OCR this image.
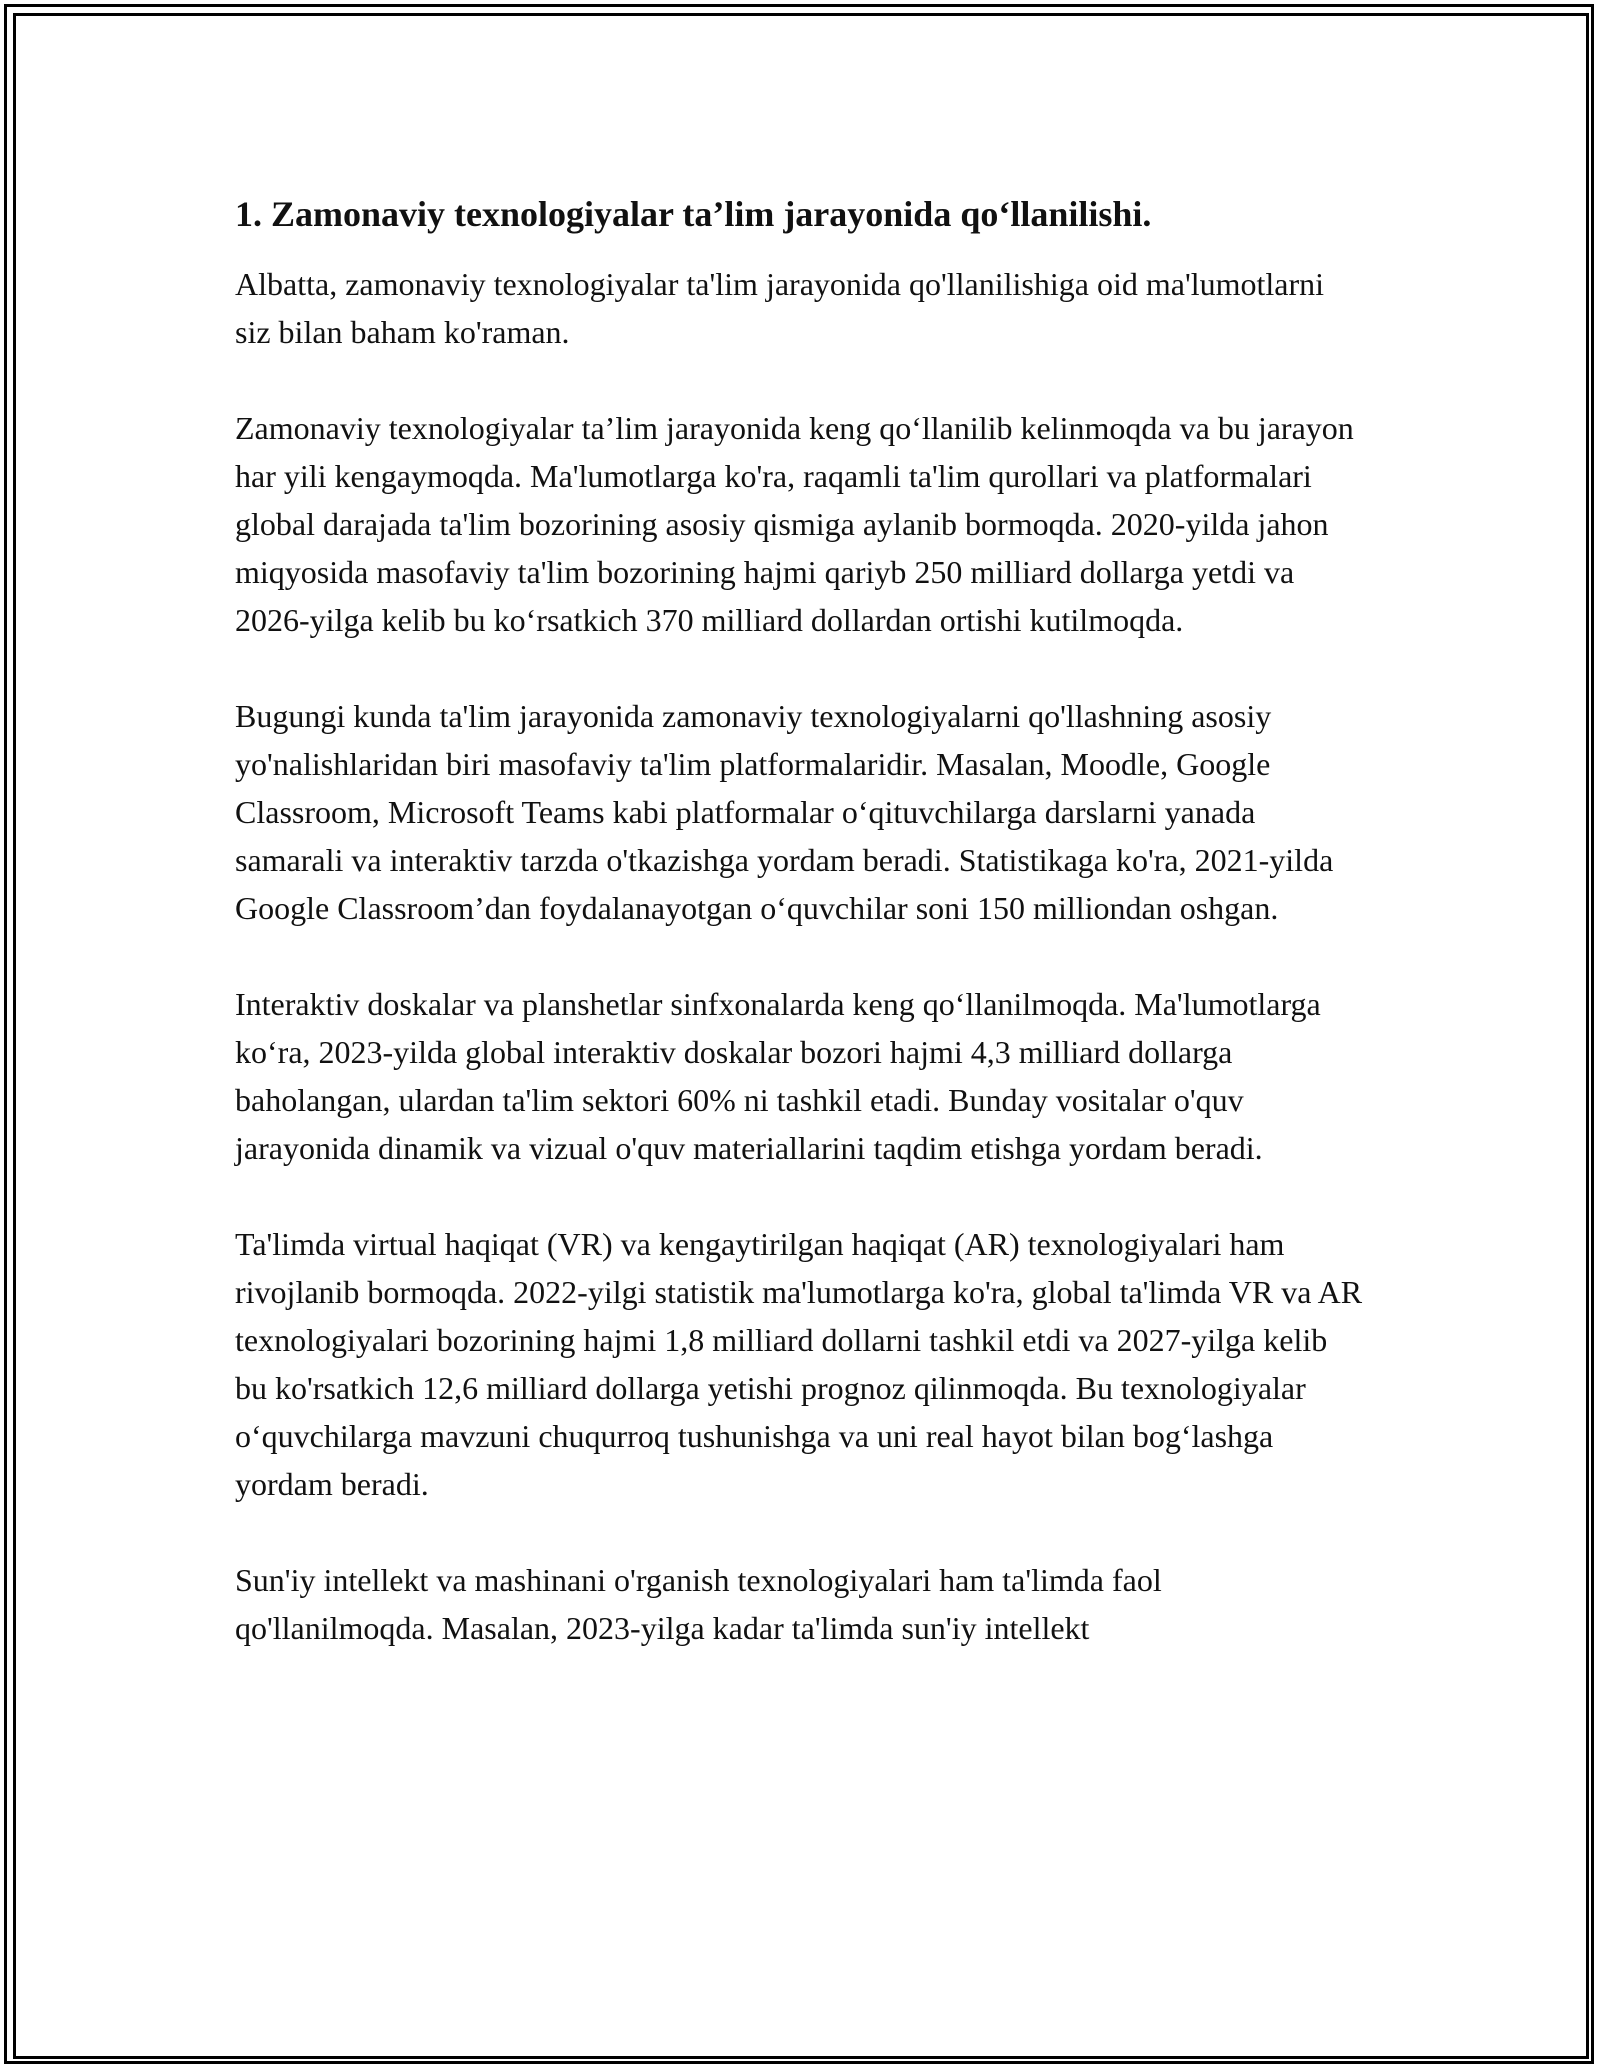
1. Zamonaviy texnologiyalar ta’lim jarayonida qo‘llanilishi.

Albatta, zamonaviy texnologiyalar ta'lim jarayonida qo'llanilishiga oid ma'lumotlarni siz bilan baham ko'raman.

Zamonaviy texnologiyalar ta’lim jarayonida keng qo‘llanilib kelinmoqda va bu jarayon har yili kengaymoqda. Ma'lumotlarga ko'ra, raqamli ta'lim qurollari va platformalari global darajada ta'lim bozorining asosiy qismiga aylanib bormoqda. 2020-yilda jahon miqyosida masofaviy ta'lim bozorining hajmi qariyb 250 milliard dollarga yetdi va 2026-yilga kelib bu ko‘rsatkich 370 milliard dollardan ortishi kutilmoqda.

Bugungi kunda ta'lim jarayonida zamonaviy texnologiyalarni qo'llashning asosiy yo'nalishlaridan biri masofaviy ta'lim platformalaridir. Masalan, Moodle, Google Classroom, Microsoft Teams kabi platformalar o‘qituvchilarga darslarni yanada samarali va interaktiv tarzda o'tkazishga yordam beradi. Statistikaga ko'ra, 2021-yilda Google Classroom’dan foydalanayotgan o‘quvchilar soni 150 milliondan oshgan.

Interaktiv doskalar va planshetlar sinfxonalarda keng qo‘llanilmoqda. Ma'lumotlarga ko‘ra, 2023-yilda global interaktiv doskalar bozori hajmi 4,3 milliard dollarga baholangan, ulardan ta'lim sektori 60% ni tashkil etadi. Bunday vositalar o'quv jarayonida dinamik va vizual o'quv materiallarini taqdim etishga yordam beradi.

Ta'limda virtual haqiqat (VR) va kengaytirilgan haqiqat (AR) texnologiyalari ham rivojlanib bormoqda. 2022-yilgi statistik ma'lumotlarga ko'ra, global ta'limda VR va AR texnologiyalari bozorining hajmi 1,8 milliard dollarni tashkil etdi va 2027-yilga kelib bu ko'rsatkich 12,6 milliard dollarga yetishi prognoz qilinmoqda. Bu texnologiyalar o‘quvchilarga mavzuni chuqurroq tushunishga va uni real hayot bilan bog‘lashga yordam beradi.

Sun'iy intellekt va mashinani o'rganish texnologiyalari ham ta'limda faol qo'llanilmoqda. Masalan, 2023-yilga kadar ta'limda sun'iy intellekt
